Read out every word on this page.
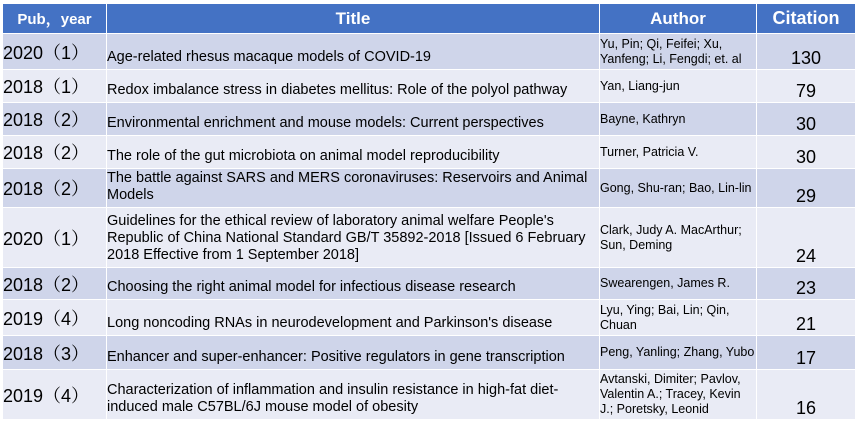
Pub，year	Title	Author	Citation
2020（1）	Age-related rhesus macaque models of COVID-19	Yu, Pin; Qi, Feifei; Xu, Yanfeng; Li, Fengdi; et. al	130
2018（1）	Redox imbalance stress in diabetes mellitus: Role of the polyol pathway	Yan, Liang-jun	79
2018（2）	Environmental enrichment and mouse models: Current perspectives	Bayne, Kathryn	30
2018（2）	The role of the gut microbiota on animal model reproducibility	Turner, Patricia V.	30
2018（2）	The battle against SARS and MERS coronaviruses: Reservoirs and Animal Models	Gong, Shu-ran; Bao, Lin-lin	29
2020（1）	Guidelines for the ethical review of laboratory animal welfare People's Republic of China National Standard GB/T 35892-2018 [Issued 6 February 2018 Effective from 1 September 2018]	Clark, Judy A. MacArthur; Sun, Deming	24
2018（2）	Choosing the right animal model for infectious disease research	Swearengen, James R.	23
2019（4）	Long noncoding RNAs in neurodevelopment and Parkinson's disease	Lyu, Ying; Bai, Lin; Qin, Chuan	21
2018（3）	Enhancer and super-enhancer: Positive regulators in gene transcription	Peng, Yanling; Zhang, Yubo	17
2019（4）	Characterization of inflammation and insulin resistance in high-fat diet-induced male C57BL/6J mouse model of obesity	Avtanski, Dimiter; Pavlov, Valentin A.; Tracey, Kevin J.; Poretsky, Leonid	16
